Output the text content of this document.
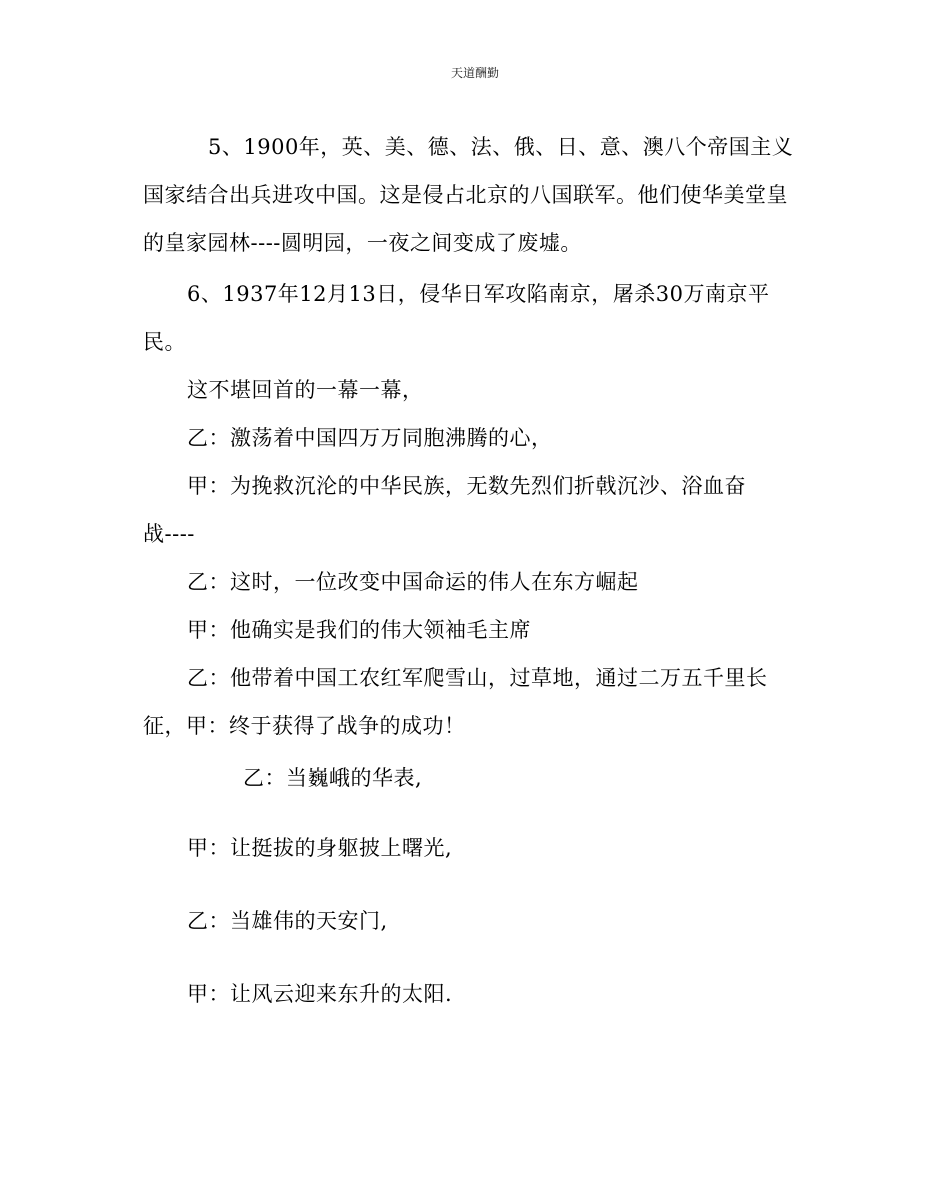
天道酬勤
5、1900年，英、美、德、法、俄、日、意、澳八个帝国主义
国家结合出兵进攻中国。这是侵占北京的八国联军。他们使华美堂皇
的皇家园林----圆明园，一夜之间变成了废墟。
6、1937年12月13日，侵华日军攻陷南京，屠杀30万南京平
民。
这不堪回首的一幕一幕，
乙：激荡着中国四万万同胞沸腾的心，
甲：为挽救沉沦的中华民族，无数先烈们折戟沉沙、浴血奋
战----
乙：这时，一位改变中国命运的伟人在东方崛起
甲：他确实是我们的伟大领袖毛主席
乙：他带着中国工农红军爬雪山，过草地，通过二万五千里长
征，甲：终于获得了战争的成功！
乙：当巍峨的华表,
甲：让挺拔的身躯披上曙光,
乙：当雄伟的天安门,
甲：让风云迎来东升的太阳.
